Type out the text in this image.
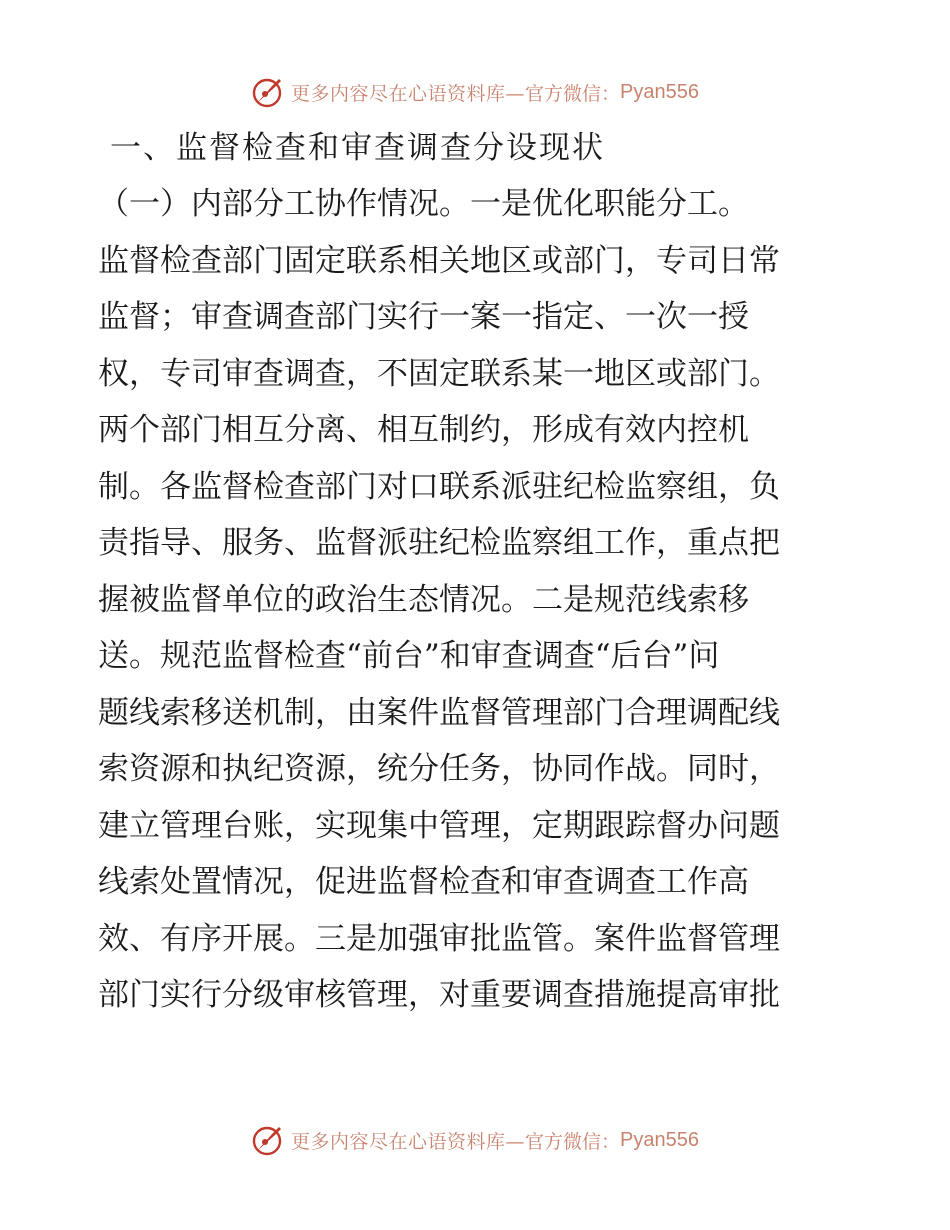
更多内容尽在心语资料库— 官方微信： Pyan556
一、监督检查和审查调查分设现状
（一）内部分工协作情况。一是优化职能分工。
监督检查部门固定联系相关地区或部门，专司日常
监督；审查调查部门实行一案一指定、一次一授
权，专司审查调查，不固定联系某一地区或部门。
两个部门相互分离、相互制约，形成有效内控机
制。各监督检查部门对口联系派驻纪检监察组，负
责指导、服务、监督派驻纪检监察组工作，重点把
握被监督单位的政治生态情况。二是规范线索移
送。规范监督检查“前台”和审查调查“后台”问
题线索移送机制，由案件监督管理部门合理调配线
索资源和执纪资源，统分任务，协同作战。同时，
建立管理台账，实现集中管理，定期跟踪督办问题
线索处置情况，促进监督检查和审查调查工作高
效、有序开展。三是加强审批监管。案件监督管理
部门实行分级审核管理，对重要调查措施提高审批
更多内容尽在心语资料库— 官方微信： Pyan556
